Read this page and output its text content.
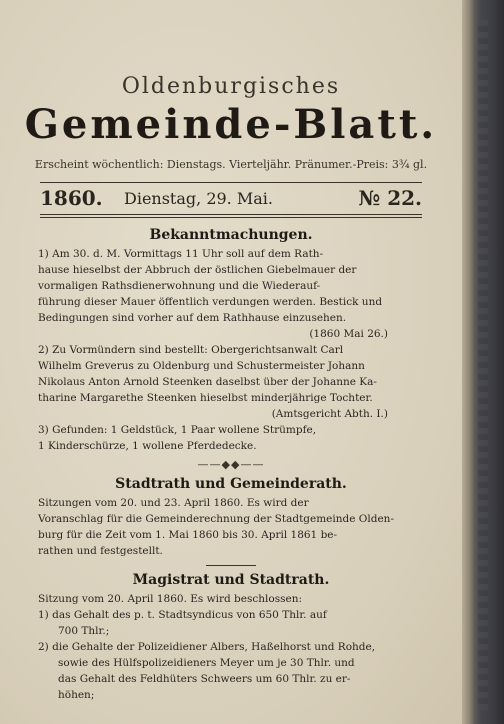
Oldenburgisches
Gemeinde-Blatt.
Erscheint wöchentlich: Dienstags. Vierteljähr. Pränumer.-Preis: 3¾ gl.
1860. Dienstag, 29. Mai.	№ 22.
Bekanntmachungen.
1) Am 30. d. M. Vormittags 11 Uhr soll auf dem Rath-
hause hieselbst der Abbruch der östlichen Giebelmauer der
vormaligen Rathsdienerwohnung und die Wiederauf-
führung dieser Mauer öffentlich verdungen werden. Bestick und
Bedingungen sind vorher auf dem Rathhause einzusehen.
(1860 Mai 26.)
2) Zu Vormündern sind bestellt: Obergerichtsanwalt Carl
Wilhelm Greverus zu Oldenburg und Schustermeister Johann
Nikolaus Anton Arnold Steenken daselbst über der Johanne Ka-
tharine Margarethe Steenken hieselbst minderjährige Tochter.
(Amtsgericht Abth. I.)
3) Gefunden: 1 Geldstück, 1 Paar wollene Strümpfe,
1 Kinderschürze, 1 wollene Pferdedecke.
——◆◆——
Stadtrath und Gemeinderath.
Sitzungen vom 20. und 23. April 1860. Es wird der
Voranschlag für die Gemeinderechnung der Stadtgemeinde Olden-
burg für die Zeit vom 1. Mai 1860 bis 30. April 1861 be-
rathen und festgestellt.
Magistrat und Stadtrath.
Sitzung vom 20. April 1860. Es wird beschlossen:
1) das Gehalt des p. t. Stadtsyndicus von 650 Thlr. auf
700 Thlr.;
2) die Gehalte der Polizeidiener Albers, Haßelhorst und Rohde,
sowie des Hülfspolizeidieners Meyer um je 30 Thlr. und
das Gehalt des Feldhüters Schweers um 60 Thlr. zu er-
höhen;
